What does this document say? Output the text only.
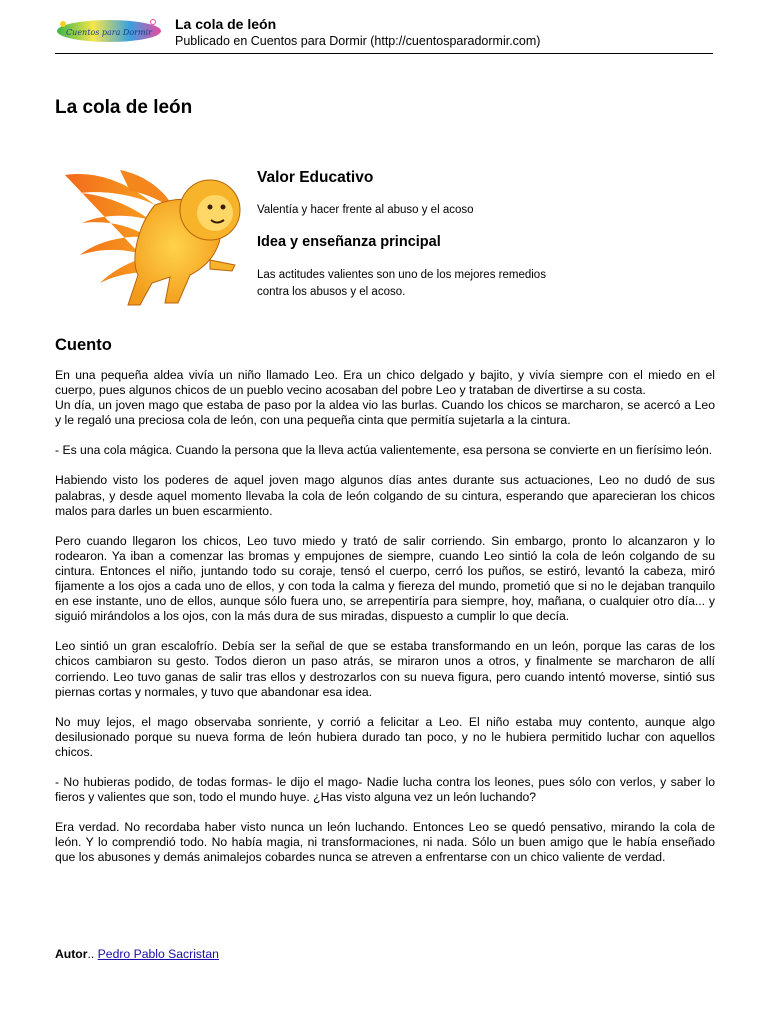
Cuentos para Dormir
La cola de león
Publicado en Cuentos para Dormir (http://cuentosparadormir.com)
La cola de león
Valor Educativo
Valentía y hacer frente al abuso y el acoso
Idea y enseñanza principal
Las actitudes valientes son uno de los mejores remedios
contra los abusos y el acoso.
Cuento

En una pequeña aldea vivía un niño llamado Leo. Era un chico delgado y bajito, y vivía siempre con el miedo en el cuerpo, pues algunos chicos de un pueblo vecino acosaban del pobre Leo y trataban de divertirse a su costa.
Un día, un joven mago que estaba de paso por la aldea vio las burlas. Cuando los chicos se marcharon, se acercó a Leo y le regaló una preciosa cola de león, con una pequeña cinta que permitía sujetarla a la cintura.

- Es una cola mágica. Cuando la persona que la lleva actúa valientemente, esa persona se convierte en un fierísimo león.

Habiendo visto los poderes de aquel joven mago algunos días antes durante sus actuaciones, Leo no dudó de sus palabras, y desde aquel momento llevaba la cola de león colgando de su cintura, esperando que aparecieran los chicos malos para darles un buen escarmiento.

Pero cuando llegaron los chicos, Leo tuvo miedo y trató de salir corriendo. Sin embargo, pronto lo alcanzaron y lo rodearon. Ya iban a comenzar las bromas y empujones de siempre, cuando Leo sintió la cola de león colgando de su cintura. Entonces el niño, juntando todo su coraje, tensó el cuerpo, cerró los puños, se estiró, levantó la cabeza, miró fijamente a los ojos a cada uno de ellos, y con toda la calma y fiereza del mundo, prometió que si no le dejaban tranquilo en ese instante, uno de ellos, aunque sólo fuera uno, se arrepentiría para siempre, hoy, mañana, o cualquier otro día... y siguió mirándolos a los ojos, con la más dura de sus miradas, dispuesto a cumplir lo que decía.

Leo sintió un gran escalofrío. Debía ser la señal de que se estaba transformando en un león, porque las caras de los chicos cambiaron su gesto. Todos dieron un paso atrás, se miraron unos a otros, y finalmente se marcharon de allí corriendo. Leo tuvo ganas de salir tras ellos y destrozarlos con su nueva figura, pero cuando intentó moverse, sintió sus piernas cortas y normales, y tuvo que abandonar esa idea.

No muy lejos, el mago observaba sonriente, y corrió a felicitar a Leo. El niño estaba muy contento, aunque algo desilusionado porque su nueva forma de león hubiera durado tan poco, y no le hubiera permitido luchar con aquellos chicos.

- No hubieras podido, de todas formas- le dijo el mago- Nadie lucha contra los leones, pues sólo con verlos, y saber lo fieros y valientes que son, todo el mundo huye. ¿Has visto alguna vez un león luchando?

Era verdad. No recordaba haber visto nunca un león luchando. Entonces Leo se quedó pensativo, mirando la cola de león. Y lo comprendió todo. No había magia, ni transformaciones, ni nada. Sólo un buen amigo que le había enseñado que los abusones y demás animalejos cobardes nunca se atreven a enfrentarse con un chico valiente de verdad.

Autor.. Pedro Pablo Sacristan
